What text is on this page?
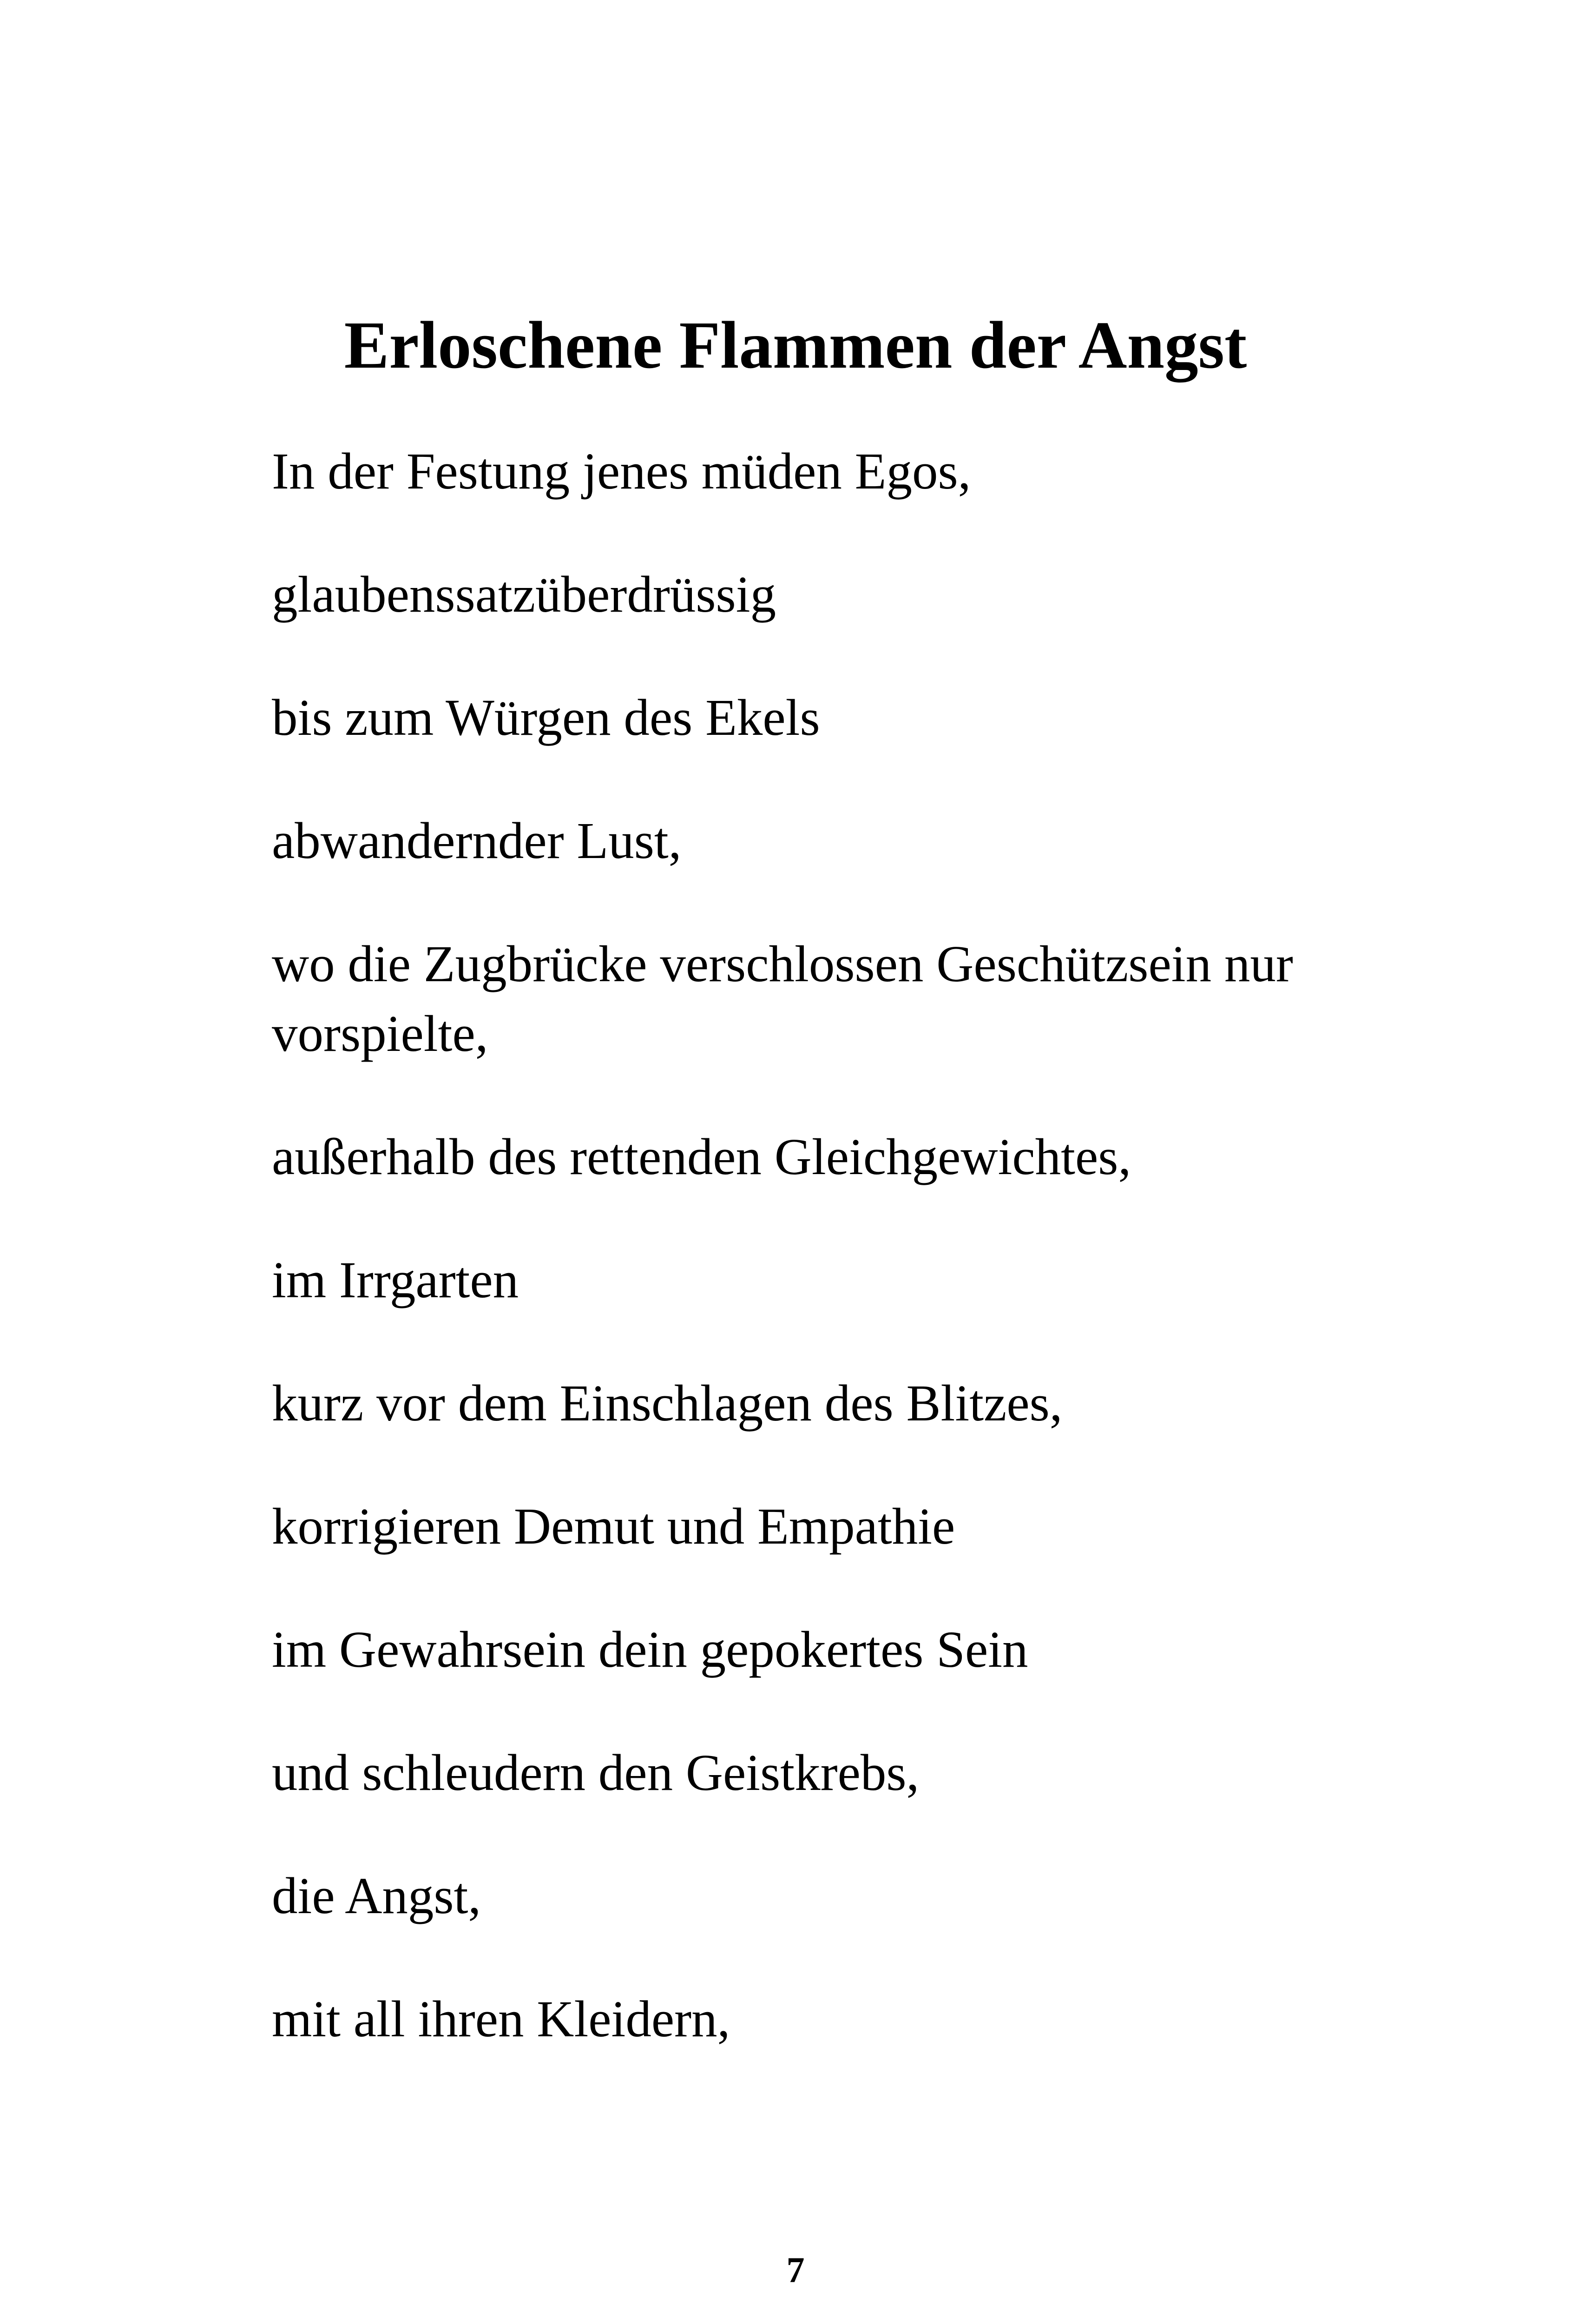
Erloschene Flammen der Angst
In der Festung jenes müden Egos,
glaubenssatzüberdrüssig
bis zum Würgen des Ekels
abwandernder Lust,
wo die Zugbrücke verschlossen Geschützsein nur vorspielte,
außerhalb des rettenden Gleichgewichtes,
im Irrgarten
kurz vor dem Einschlagen des Blitzes,
korrigieren Demut und Empathie
im Gewahrsein dein gepokertes Sein
und schleudern den Geistkrebs,
die Angst,
mit all ihren Kleidern,
7
